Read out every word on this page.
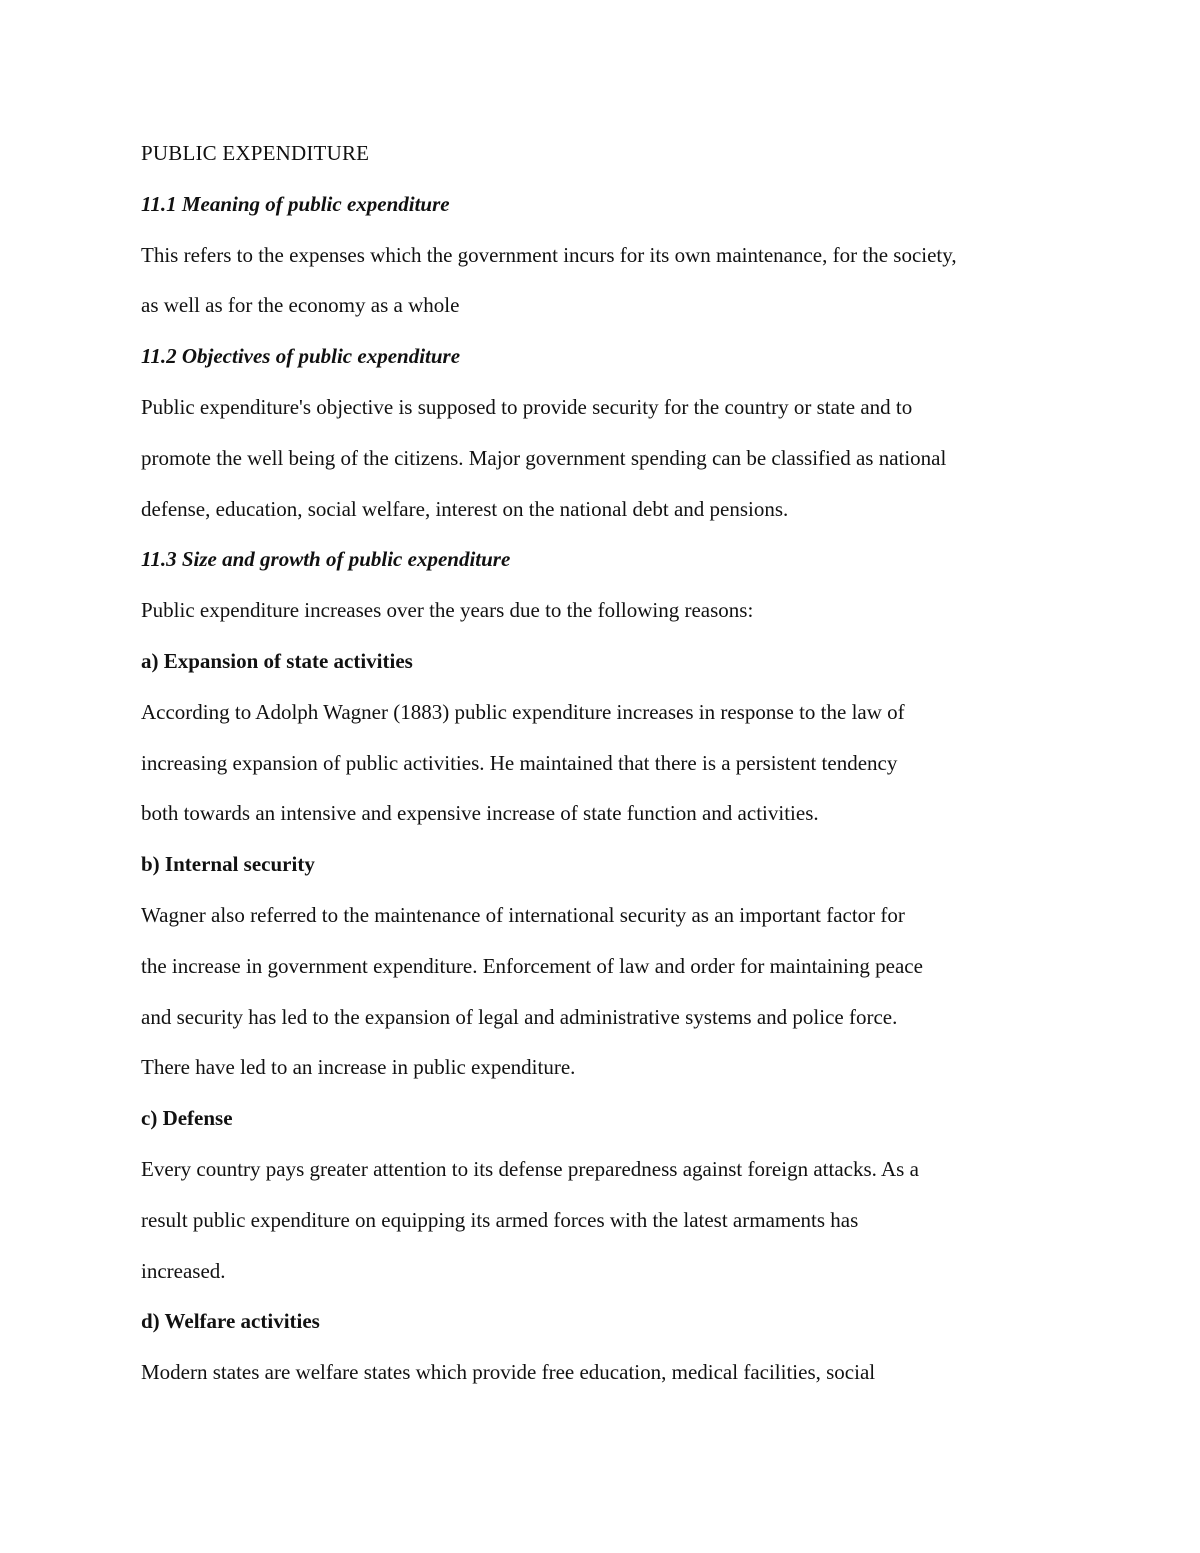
PUBLIC EXPENDITURE
11.1 Meaning of public expenditure
This refers to the expenses which the government incurs for its own maintenance, for the society,
as well as for the economy as a whole
11.2 Objectives of public expenditure
Public expenditure's objective is supposed to provide security for the country or state and to
promote the well being of the citizens. Major government spending can be classified as national
defense, education, social welfare, interest on the national debt and pensions.
11.3 Size and growth of public expenditure
Public expenditure increases over the years due to the following reasons:
a) Expansion of state activities
According to Adolph Wagner (1883) public expenditure increases in response to the law of
increasing expansion of public activities. He maintained that there is a persistent tendency
both towards an intensive and expensive increase of state function and activities.
b) Internal security
Wagner also referred to the maintenance of international security as an important factor for
the increase in government expenditure. Enforcement of law and order for maintaining peace
and security has led to the expansion of legal and administrative systems and police force.
There have led to an increase in public expenditure.
c) Defense
Every country pays greater attention to its defense preparedness against foreign attacks. As a
result public expenditure on equipping its armed forces with the latest armaments has
increased.
d) Welfare activities
Modern states are welfare states which provide free education, medical facilities, social
